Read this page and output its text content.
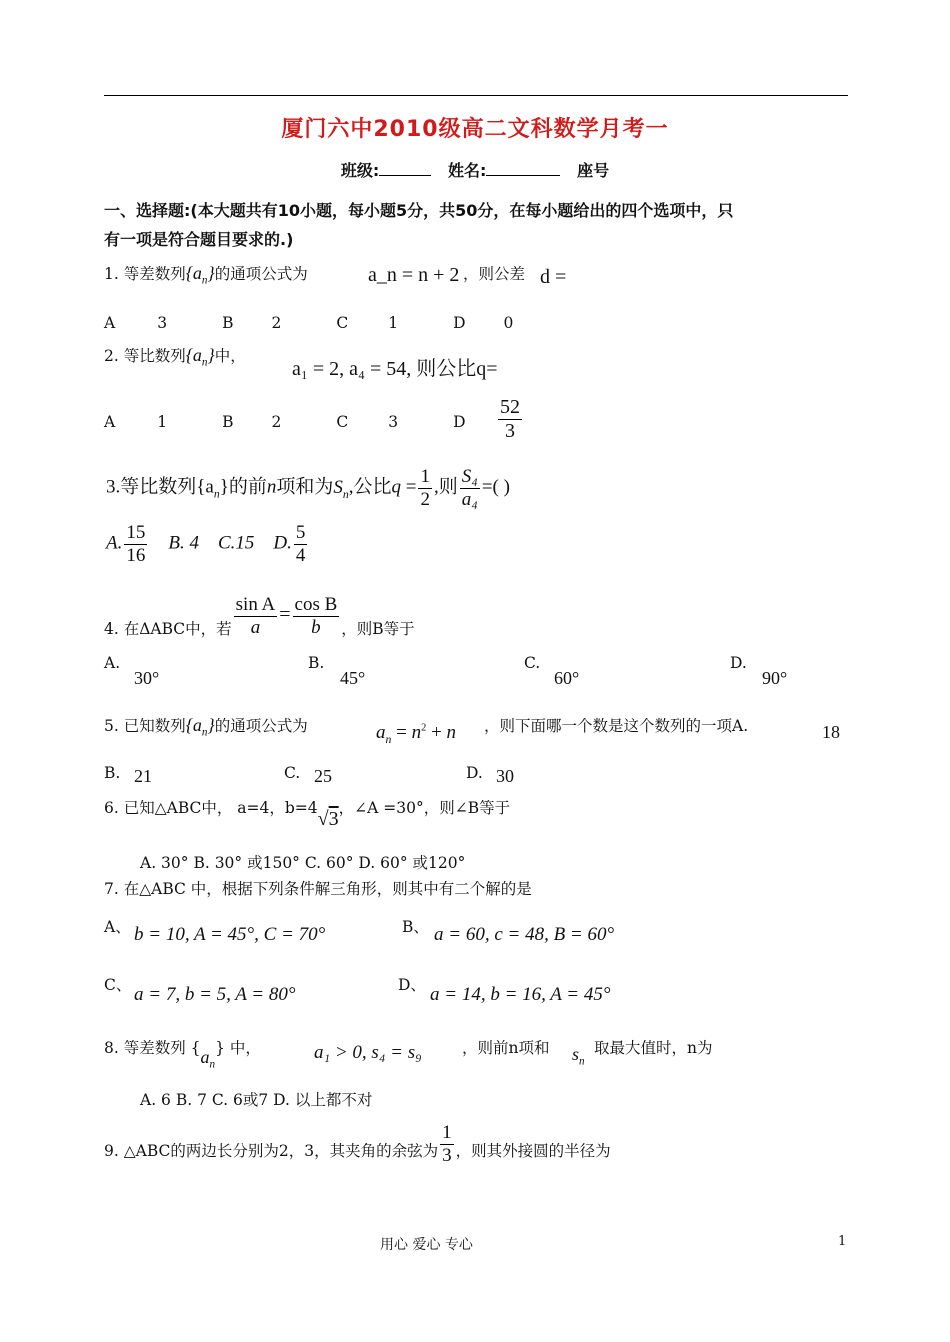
厦门六中2010级高二文科数学月考一
班级:	姓名:	座号
一、选择题:(本大题共有10小题，每小题5分，共50分，在每小题给出的四个选项中，只
有一项是符合题目要求的.)
1. 等差数列$\{a_n\}$的通项公式为	a_n = n + 2 ，则公差 d =
A	3	B 2	C	1	D 0
2. 等比数列$\{a_n\}$中，
a₁ = 2, a₄ = 54, 则公比q=
A	1	B 2	C	3	D $\frac{52}{3}$
3.等比数列$\{a_n\}$的前n项和为$S_n$,公比$q = \frac{1}{2}$ ,则 $\frac{\text{S₄}}{\text{a₄}}$ =( )
A. $\frac{15}{16} B$. 4 C.15 D. $\frac{5}{4}$
4. 在ΔABC中，若 $\frac{\text{sin A}}{a} = \frac{\text{cos B}}{b}$ ，则B等于
A.
30°
B.
45°
C.
60°
D.
90°
5. 已知数列$\{a_n\}$的通项公式为	$a_n = n^2 + n$ ，则下面哪一个数是这个数列的一项A.	18
B. 21	C. 25	D. 30
6. 已知△ABC中， a=4，b=4√3，∠A =30°，则∠B等于
A. 30° B. 30° 或150° C. 60° D. 60° 或120°
7. 在△ABC 中，根据下列条件解三角形，则其中有二个解的是
A、 b = 10, A = 45°, C = 70°	B、 a = 60, c = 48, B = 60°
C、 a = 7, b = 5, A = 80°	D、 a = 14, b = 16, A = 45°
8. 等差数列 $\{a_n\}$ 中，	a₁ > 0, s₄ = s₉	，则前n项和 $s_n$
取最大值时，n为
A. 6 B. 7 C. 6或7 D. 以上都不对
9. △ABC的两边长分别为2，3，其夹角的余弦为 $\frac{1}{3}$ ，则其外接圆的半径为
用心 爱心 专心	1
